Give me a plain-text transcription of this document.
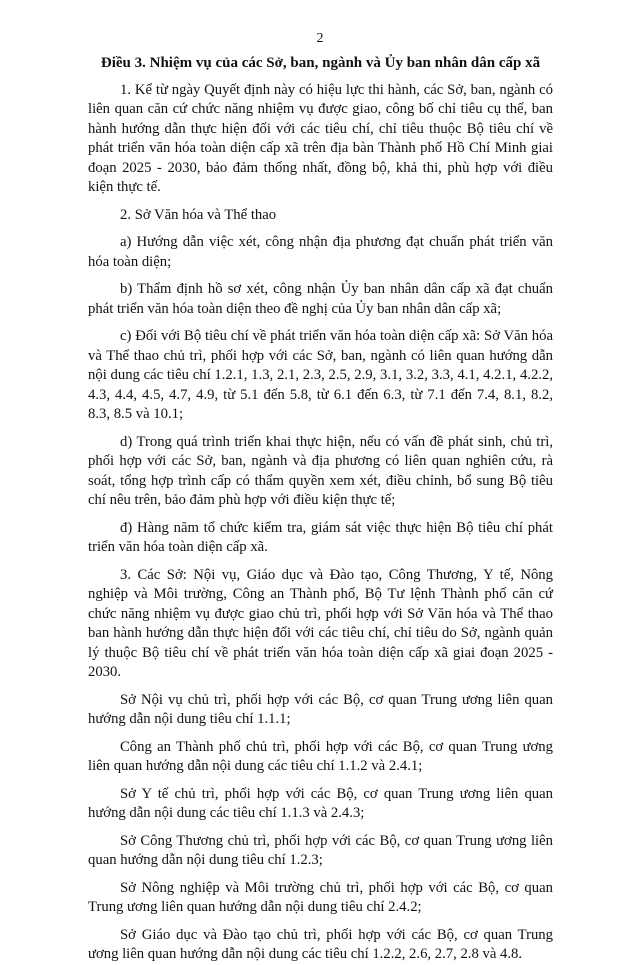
2

Điều 3. Nhiệm vụ của các Sở, ban, ngành và Ủy ban nhân dân cấp xã

1. Kể từ ngày Quyết định này có hiệu lực thi hành, các Sở, ban, ngành có liên quan căn cứ chức năng nhiệm vụ được giao, công bố chỉ tiêu cụ thể, ban hành hướng dẫn thực hiện đối với các tiêu chí, chỉ tiêu thuộc Bộ tiêu chí về phát triển văn hóa toàn diện cấp xã trên địa bàn Thành phố Hồ Chí Minh giai đoạn 2025 - 2030, bảo đảm thống nhất, đồng bộ, khả thi, phù hợp với điều kiện thực tế.

2. Sở Văn hóa và Thể thao

a) Hướng dẫn việc xét, công nhận địa phương đạt chuẩn phát triển văn hóa toàn diện;

b) Thẩm định hồ sơ xét, công nhận Ủy ban nhân dân cấp xã đạt chuẩn phát triển văn hóa toàn diện theo đề nghị của Ủy ban nhân dân cấp xã;

c) Đối với Bộ tiêu chí về phát triển văn hóa toàn diện cấp xã: Sở Văn hóa và Thể thao chủ trì, phối hợp với các Sở, ban, ngành có liên quan hướng dẫn nội dung các tiêu chí 1.2.1, 1.3, 2.1, 2.3, 2.5, 2.9, 3.1, 3.2, 3.3, 4.1, 4.2.1, 4.2.2, 4.3, 4.4, 4.5, 4.7, 4.9, từ 5.1 đến 5.8, từ 6.1 đến 6.3, từ 7.1 đến 7.4, 8.1, 8.2, 8.3, 8.5 và 10.1;

d) Trong quá trình triển khai thực hiện, nếu có vấn đề phát sinh, chủ trì, phối hợp với các Sở, ban, ngành và địa phương có liên quan nghiên cứu, rà soát, tổng hợp trình cấp có thẩm quyền xem xét, điều chỉnh, bổ sung Bộ tiêu chí nêu trên, bảo đảm phù hợp với điều kiện thực tế;

đ) Hàng năm tổ chức kiểm tra, giám sát việc thực hiện Bộ tiêu chí phát triển văn hóa toàn diện cấp xã.

3. Các Sở: Nội vụ, Giáo dục và Đào tạo, Công Thương, Y tế, Nông nghiệp và Môi trường, Công an Thành phố, Bộ Tư lệnh Thành phố căn cứ chức năng nhiệm vụ được giao chủ trì, phối hợp với Sở Văn hóa và Thể thao ban hành hướng dẫn thực hiện đối với các tiêu chí, chỉ tiêu do Sở, ngành quản lý thuộc Bộ tiêu chí về phát triển văn hóa toàn diện cấp xã giai đoạn 2025 - 2030.

Sở Nội vụ chủ trì, phối hợp với các Bộ, cơ quan Trung ương liên quan hướng dẫn nội dung tiêu chí 1.1.1;

Công an Thành phố chủ trì, phối hợp với các Bộ, cơ quan Trung ương liên quan hướng dẫn nội dung các tiêu chí 1.1.2 và 2.4.1;

Sở Y tế chủ trì, phối hợp với các Bộ, cơ quan Trung ương liên quan hướng dẫn nội dung các tiêu chí 1.1.3 và 2.4.3;

Sở Công Thương chủ trì, phối hợp với các Bộ, cơ quan Trung ương liên quan hướng dẫn nội dung tiêu chí 1.2.3;

Sở Nông nghiệp và Môi trường chủ trì, phối hợp với các Bộ, cơ quan Trung ương liên quan hướng dẫn nội dung tiêu chí 2.4.2;

Sở Giáo dục và Đào tạo chủ trì, phối hợp với các Bộ, cơ quan Trung ương liên quan hướng dẫn nội dung các tiêu chí 1.2.2, 2.6, 2.7, 2.8 và 4.8.
